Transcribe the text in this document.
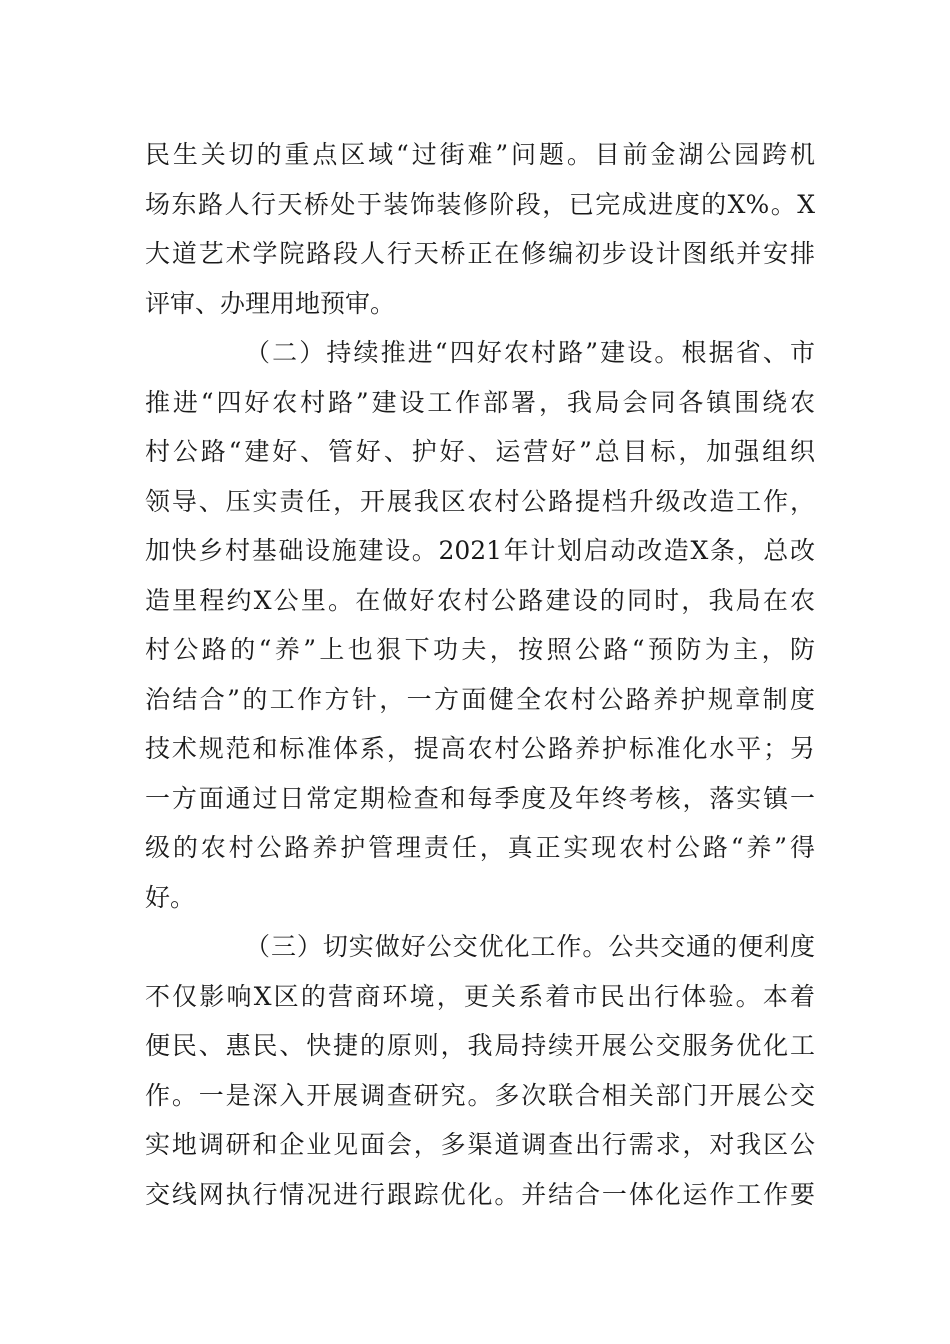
民生关切的重点区域“过街难”问题。目前金湖公园跨机
场东路人行天桥处于装饰装修阶段，已完成进度的X%。X
大道艺术学院路段人行天桥正在修编初步设计图纸并安排
评审、办理用地预审。
（二）持续推进“四好农村路”建设。根据省、市
推进“四好农村路”建设工作部署，我局会同各镇围绕农
村公路“建好、管好、护好、运营好”总目标，加强组织
领导、压实责任，开展我区农村公路提档升级改造工作，
加快乡村基础设施建设。2021年计划启动改造X条，总改
造里程约X公里。在做好农村公路建设的同时，我局在农
村公路的“养”上也狠下功夫，按照公路“预防为主，防
治结合”的工作方针，一方面健全农村公路养护规章制度
技术规范和标准体系，提高农村公路养护标准化水平；另
一方面通过日常定期检查和每季度及年终考核，落实镇一
级的农村公路养护管理责任，真正实现农村公路“养”得
好。
（三）切实做好公交优化工作。公共交通的便利度
不仅影响X区的营商环境，更关系着市民出行体验。本着
便民、惠民、快捷的原则，我局持续开展公交服务优化工
作。一是深入开展调查研究。多次联合相关部门开展公交
实地调研和企业见面会，多渠道调查出行需求，对我区公
交线网执行情况进行跟踪优化。并结合一体化运作工作要
